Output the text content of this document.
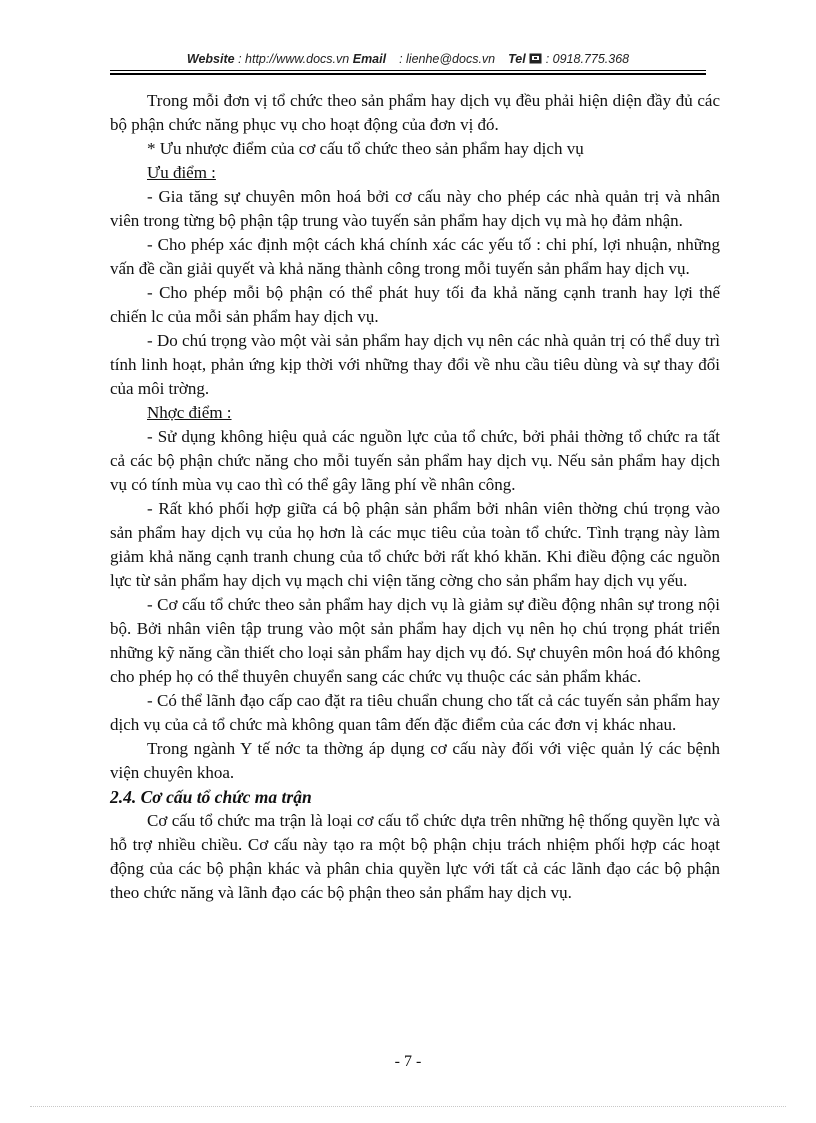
Website : http://www.docs.vn Email : lienhe@docs.vn Tel : 0918.775.368

Trong mỗi đơn vị tổ chức theo sản phẩm hay dịch vụ đều phải hiện diện đầy đủ các bộ phận chức năng phục vụ cho hoạt động của đơn vị đó.

* Ưu nhược điểm của cơ cấu tổ chức theo sản phẩm hay dịch vụ

Ưu điểm :

- Gia tăng sự chuyên môn hoá bởi cơ cấu này cho phép các nhà quản trị và nhân viên trong từng bộ phận tập trung vào tuyến sản phẩm hay dịch vụ mà họ đảm nhận.

- Cho phép xác định một cách khá chính xác các yếu tố : chi phí, lợi nhuận, những vấn đề cần giải quyết và khả năng thành công trong mỗi tuyến sản phẩm hay dịch vụ.

- Cho phép mỗi bộ phận có thể phát huy tối đa khả năng cạnh tranh hay lợi thế chiến lc của mỗi sản phẩm hay dịch vụ.

- Do chú trọng vào một vài sản phẩm hay dịch vụ nên các nhà quản trị có thể duy trì tính linh hoạt, phản ứng kịp thời với những thay đổi về nhu cầu tiêu dùng và sự thay đổi của môi trờng.

Nhợc điểm :

- Sử dụng không hiệu quả các nguồn lực của tổ chức, bởi phải thờng tổ chức ra tất cả các bộ phận chức năng cho mỗi tuyến sản phẩm hay dịch vụ. Nếu sản phẩm hay dịch vụ có tính mùa vụ cao thì có thể gây lãng phí về nhân công.

- Rất khó phối hợp giữa cá bộ phận sản phẩm bởi nhân viên thờng chú trọng vào sản phẩm hay dịch vụ của họ hơn là các mục tiêu của toàn tổ chức. Tình trạng này làm giảm khả năng cạnh tranh chung của tổ chức bởi rất khó khăn. Khi điều động các nguồn lực từ sản phẩm hay dịch vụ mạch chi viện tăng cờng cho sản phẩm hay dịch vụ yếu.

- Cơ cấu tổ chức theo sản phẩm hay dịch vụ là giảm sự điều động nhân sự trong nội bộ. Bởi nhân viên tập trung vào một sản phẩm hay dịch vụ nên họ chú trọng phát triển những kỹ năng cần thiết cho loại sản phẩm hay dịch vụ đó. Sự chuyên môn hoá đó không cho phép họ có thể thuyên chuyển sang các chức vụ thuộc các sản phẩm khác.

- Có thể lãnh đạo cấp cao đặt ra tiêu chuẩn chung cho tất cả các tuyến sản phẩm hay dịch vụ của cả tổ chức mà không quan tâm đến đặc điểm của các đơn vị khác nhau.

Trong ngành Y tế nớc ta thờng áp dụng cơ cấu này đối với việc quản lý các bệnh viện chuyên khoa.

2.4. Cơ cấu tổ chức ma trận

Cơ cấu tổ chức ma trận là loại cơ cấu tổ chức dựa trên những hệ thống quyền lực và hỗ trợ nhiều chiều. Cơ cấu này tạo ra một bộ phận chịu trách nhiệm phối hợp các hoạt động của các bộ phận khác và phân chia quyền lực với tất cả các lãnh đạo các bộ phận theo chức năng và lãnh đạo các bộ phận theo sản phẩm hay dịch vụ.

- 7 -
